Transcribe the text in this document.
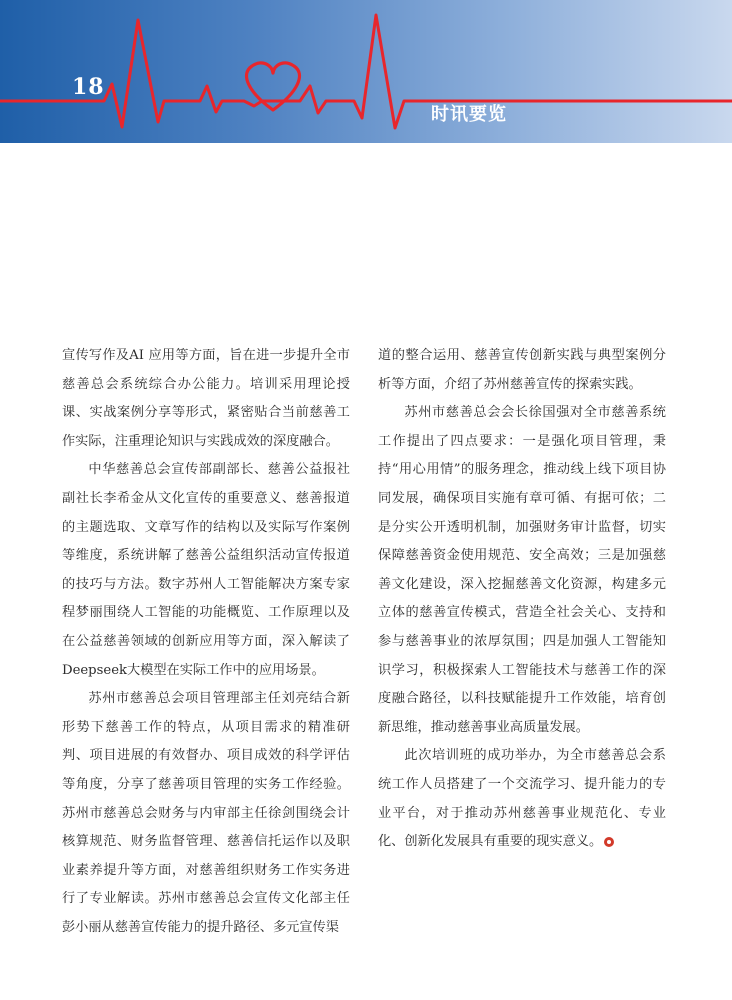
18
时讯要览

宣传写作及AI 应用等方面，旨在进一步提升全市慈善总会系统综合办公能力。培训采用理论授课、实战案例分享等形式，紧密贴合当前慈善工作实际，注重理论知识与实践成效的深度融合。

中华慈善总会宣传部副部长、慈善公益报社副社长李希金从文化宣传的重要意义、慈善报道的主题选取、文章写作的结构以及实际写作案例等维度，系统讲解了慈善公益组织活动宣传报道的技巧与方法。数字苏州人工智能解决方案专家程梦丽围绕人工智能的功能概览、工作原理以及在公益慈善领域的创新应用等方面，深入解读了Deepseek大模型在实际工作中的应用场景。

苏州市慈善总会项目管理部主任刘亮结合新形势下慈善工作的特点，从项目需求的精准研判、项目进展的有效督办、项目成效的科学评估等角度，分享了慈善项目管理的实务工作经验。苏州市慈善总会财务与内审部主任徐剑围绕会计核算规范、财务监督管理、慈善信托运作以及职业素养提升等方面，对慈善组织财务工作实务进行了专业解读。苏州市慈善总会宣传文化部主任彭小丽从慈善宣传能力的提升路径、多元宣传渠

道的整合运用、慈善宣传创新实践与典型案例分析等方面，介绍了苏州慈善宣传的探索实践。

苏州市慈善总会会长徐国强对全市慈善系统工作提出了四点要求：一是强化项目管理，秉持“用心用情”的服务理念，推动线上线下项目协同发展，确保项目实施有章可循、有据可依；二是分实公开透明机制，加强财务审计监督，切实保障慈善资金使用规范、安全高效；三是加强慈善文化建设，深入挖掘慈善文化资源，构建多元立体的慈善宣传模式，营造全社会关心、支持和参与慈善事业的浓厚氛围；四是加强人工智能知识学习，积极探索人工智能技术与慈善工作的深度融合路径，以科技赋能提升工作效能，培育创新思维，推动慈善事业高质量发展。

此次培训班的成功举办，为全市慈善总会系统工作人员搭建了一个交流学习、提升能力的专业平台，对于推动苏州慈善事业规范化、专业化、创新化发展具有重要的现实意义。
